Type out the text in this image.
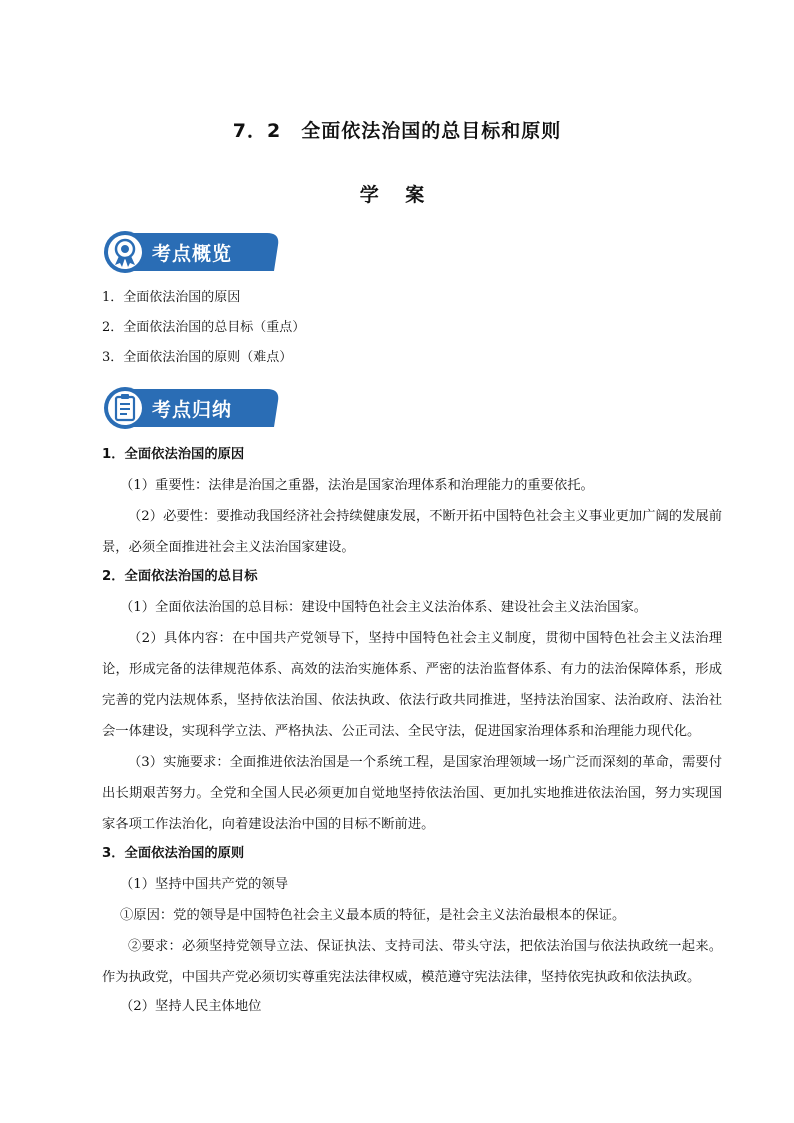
7．2　全面依法治国的总目标和原则
学 案
考点概览
1．全面依法治国的原因
2．全面依法治国的总目标（重点）
3．全面依法治国的原则（难点）
考点归纳
1．全面依法治国的原因
（1）重要性：法律是治国之重器，法治是国家治理体系和治理能力的重要依托。
（2）必要性：要推动我国经济社会持续健康发展，不断开拓中国特色社会主义事业更加广阔的发展前景，必须全面推进社会主义法治国家建设。
2．全面依法治国的总目标
（1）全面依法治国的总目标：建设中国特色社会主义法治体系、建设社会主义法治国家。
（2）具体内容：在中国共产党领导下，坚持中国特色社会主义制度，贯彻中国特色社会主义法治理论，形成完备的法律规范体系、高效的法治实施体系、严密的法治监督体系、有力的法治保障体系，形成完善的党内法规体系，坚持依法治国、依法执政、依法行政共同推进，坚持法治国家、法治政府、法治社会一体建设，实现科学立法、严格执法、公正司法、全民守法，促进国家治理体系和治理能力现代化。
（3）实施要求：全面推进依法治国是一个系统工程，是国家治理领域一场广泛而深刻的革命，需要付出长期艰苦努力。全党和全国人民必须更加自觉地坚持依法治国、更加扎实地推进依法治国，努力实现国家各项工作法治化，向着建设法治中国的目标不断前进。
3．全面依法治国的原则
（1）坚持中国共产党的领导
①原因：党的领导是中国特色社会主义最本质的特征，是社会主义法治最根本的保证。
②要求：必须坚持党领导立法、保证执法、支持司法、带头守法，把依法治国与依法执政统一起来。作为执政党，中国共产党必须切实尊重宪法法律权威，模范遵守宪法法律，坚持依宪执政和依法执政。
（2）坚持人民主体地位
